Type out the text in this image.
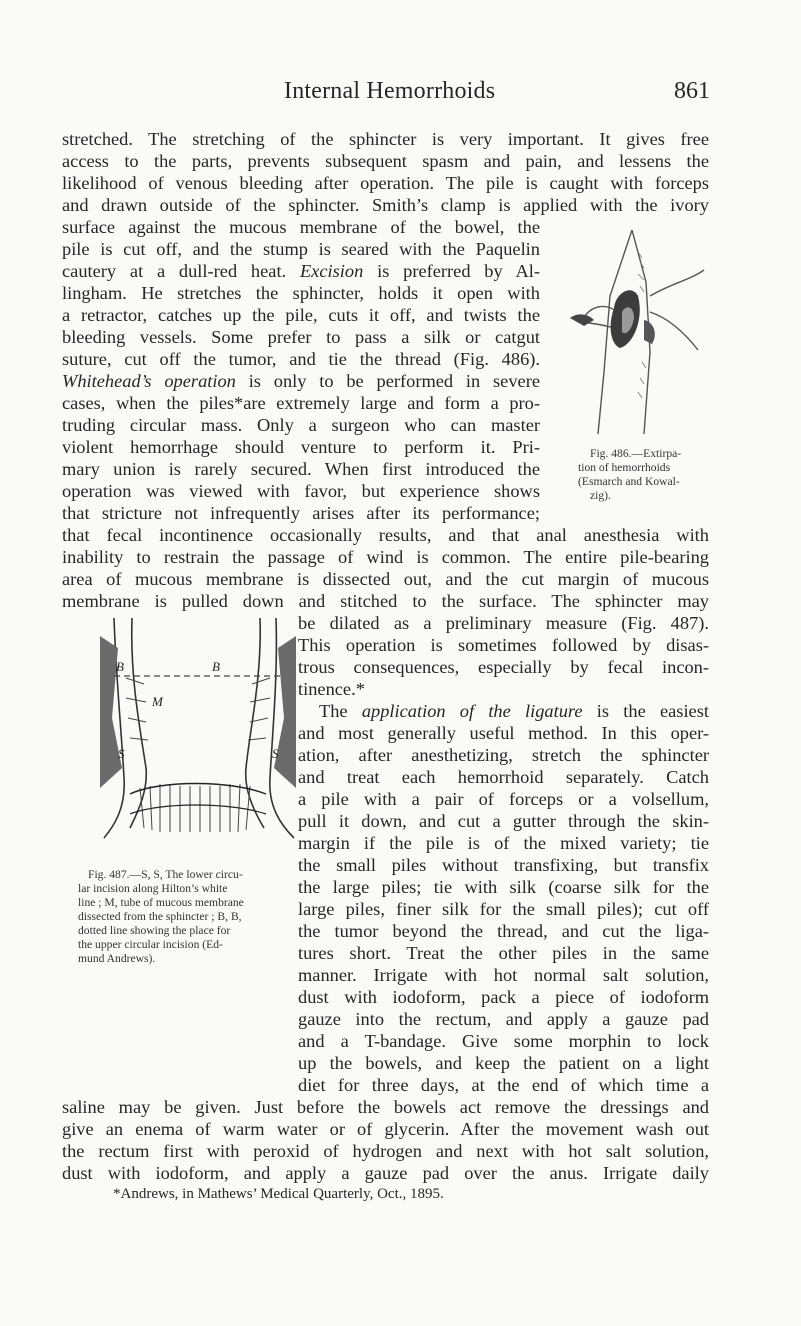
Internal Hemorrhoids	861
stretched. The stretching of the sphincter is very important. It gives free
access to the parts, prevents subsequent spasm and pain, and lessens the
likelihood of venous bleeding after operation. The pile is caught with forceps
and drawn outside of the sphincter. Smith’s clamp is applied with the ivory
surface against the mucous membrane of the bowel, the
pile is cut off, and the stump is seared with the Paquelin
cautery at a dull-red heat. Excision is preferred by Al-
lingham. He stretches the sphincter, holds it open with
a retractor, catches up the pile, cuts it off, and twists the
bleeding vessels. Some prefer to pass a silk or catgut
suture, cut off the tumor, and tie the thread (Fig. 486).
Whitehead’s operation is only to be performed in severe
cases, when the piles*are extremely large and form a pro-
truding circular mass. Only a surgeon who can master
violent hemorrhage should venture to perform it. Pri-
mary union is rarely secured. When first introduced the
operation was viewed with favor, but experience shows
that stricture not infrequently arises after its performance;
that fecal incontinence occasionally results, and that anal anesthesia with
inability to restrain the passage of wind is common. The entire pile-bearing
area of mucous membrane is dissected out, and the cut margin of mucous
membrane is pulled down and stitched to the surface. The sphincter may
be dilated as a preliminary measure (Fig. 487).
This operation is sometimes followed by disas-
trous consequences, especially by fecal incon-
tinence.*
The application of the ligature is the easiest
and most generally useful method. In this oper-
ation, after anesthetizing, stretch the sphincter
and treat each hemorrhoid separately. Catch
a pile with a pair of forceps or a volsellum,
pull it down, and cut a gutter through the skin-
margin if the pile is of the mixed variety; tie
the small piles without transfixing, but transfix
the large piles; tie with silk (coarse silk for the
large piles, finer silk for the small piles); cut off
the tumor beyond the thread, and cut the liga-
tures short. Treat the other piles in the same
manner. Irrigate with hot normal salt solution,
dust with iodoform, pack a piece of iodoform
gauze into the rectum, and apply a gauze pad
and a T-bandage. Give some morphin to lock
up the bowels, and keep the patient on a light
diet for three days, at the end of which time a
saline may be given. Just before the bowels act remove the dressings and
give an enema of warm water or of glycerin. After the movement wash out
the rectum first with peroxid of hydrogen and next with hot salt solution,
dust with iodoform, and apply a gauze pad over the anus. Irrigate daily
*Andrews, in Mathews’ Medical Quarterly, Oct., 1895.
Fig. 486.—Extirpa-
tion of hemorrhoids
(Esmarch and Kowal-
zig).
B	B
M
S	S
Fig. 487.—S, S, The lower circu-
lar incision along Hilton’s white
line ; M, tube of mucous membrane
dissected from the sphincter ; B, B,
dotted line showing the place for
the upper circular incision (Ed-
mund Andrews).
